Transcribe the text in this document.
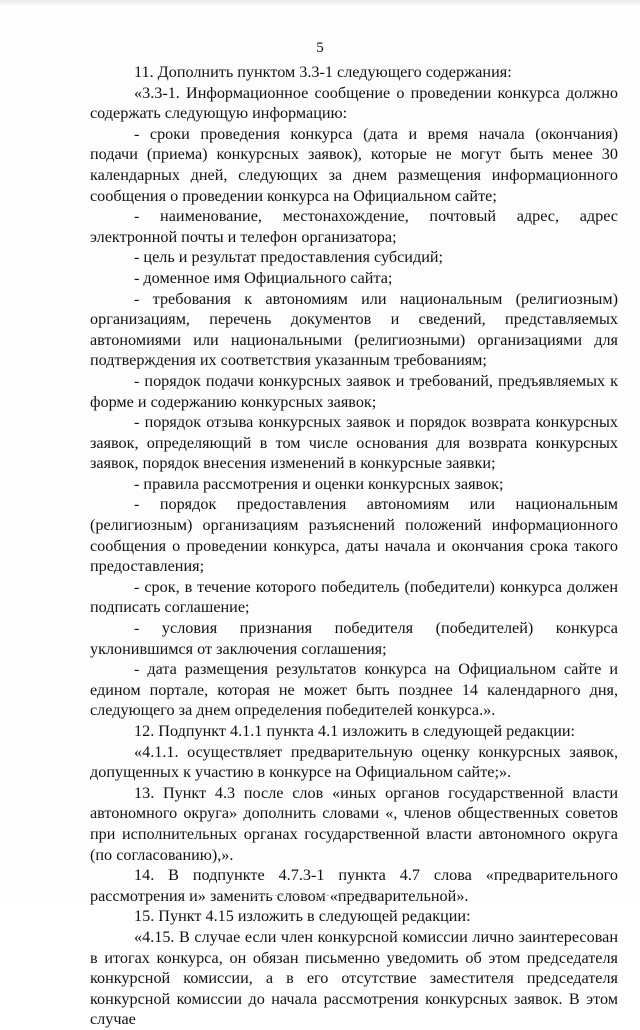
5

11. Дополнить пунктом 3.3-1 следующего содержания:

«3.3-1. Информационное сообщение о проведении конкурса должно содержать следующую информацию:

- сроки проведения конкурса (дата и время начала (окончания) подачи (приема) конкурсных заявок), которые не могут быть менее 30 календарных дней, следующих за днем размещения информационного сообщения о проведении конкурса на Официальном сайте;

- наименование, местонахождение, почтовый адрес, адрес электронной почты и телефон организатора;

- цель и результат предоставления субсидий;

- доменное имя Официального сайта;

- требования к автономиям или национальным (религиозным) организациям, перечень документов и сведений, представляемых автономиями или национальными (религиозными) организациями для подтверждения их соответствия указанным требованиям;

- порядок подачи конкурсных заявок и требований, предъявляемых к форме и содержанию конкурсных заявок;

- порядок отзыва конкурсных заявок и порядок возврата конкурсных заявок, определяющий в том числе основания для возврата конкурсных заявок, порядок внесения изменений в конкурсные заявки;

- правила рассмотрения и оценки конкурсных заявок;

- порядок предоставления автономиям или национальным (религиозным) организациям разъяснений положений информационного сообщения о проведении конкурса, даты начала и окончания срока такого предоставления;

- срок, в течение которого победитель (победители) конкурса должен подписать соглашение;

- условия признания победителя (победителей) конкурса уклонившимся от заключения соглашения;

- дата размещения результатов конкурса на Официальном сайте и едином портале, которая не может быть позднее 14 календарного дня, следующего за днем определения победителей конкурса.».

12. Подпункт 4.1.1 пункта 4.1 изложить в следующей редакции:

«4.1.1. осуществляет предварительную оценку конкурсных заявок, допущенных к участию в конкурсе на Официальном сайте;».

13. Пункт 4.3 после слов «иных органов государственной власти автономного округа» дополнить словами «, членов общественных советов при исполнительных органах государственной власти автономного округа (по согласованию),».

14. В подпункте 4.7.3-1 пункта 4.7 слова «предварительного рассмотрения и» заменить словом «предварительной».

15. Пункт 4.15 изложить в следующей редакции:

«4.15. В случае если член конкурсной комиссии лично заинтересован в итогах конкурса, он обязан письменно уведомить об этом председателя конкурсной комиссии, а в его отсутствие заместителя председателя конкурсной комиссии до начала рассмотрения конкурсных заявок. В этом случае
